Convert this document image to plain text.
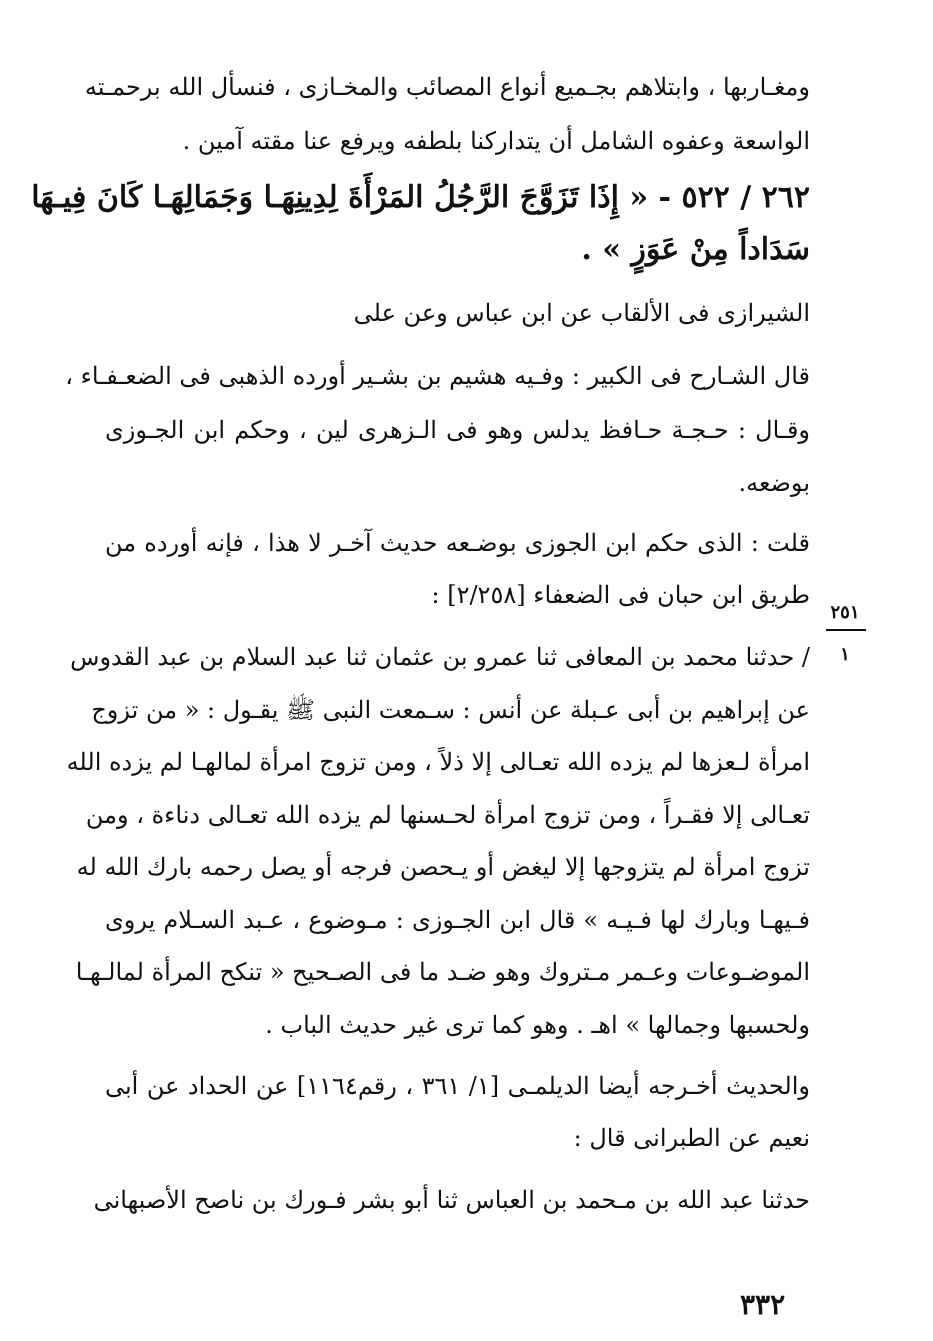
ومغـاربها ، وابتلاهم بجـميع أنواع المصائب والمخـازى ، فنسأل الله برحمـته
الواسعة وعفوه الشامل أن يتداركنا بلطفه ويرفع عنا مقته آمين .
٢٦٢ / ٥٢٢ - « إِذَا تَزَوَّجَ الرَّجُلُ المَرْأَةَ لِدِينِهَـا وَجَمَالِهَـا كَانَ فِيـهَا
سَدَاداً مِنْ عَوَزٍ » .
الشيرازى فى الألقاب عن ابن عباس وعن على
قال الشـارح فى الكبير : وفـيه هشيم بن بشـير أورده الذهبى فى الضعـفـاء ،
وقـال : حـجـة حـافظ يدلس وهو فى الـزهرى لين ، وحكم ابن الجـوزى
بوضعه.
قلت : الذى حكم ابن الجوزى بوضـعه حديث آخـر لا هذا ، فإنه أورده من
طريق ابن حبان فى الضعفاء [٢/٢٥٨] :
/ حدثنا محمد بن المعافى ثنا عمرو بن عثمان ثنا عبد السلام بن عبد القدوس
عن إبراهيم بن أبى عـبلة عن أنس : سـمعت النبى ﷺ يقـول : « من تزوج
امرأة لـعزها لم يزده الله تعـالى إلا ذلاً ، ومن تزوج امرأة لمالهـا لم يزده الله
تعـالى إلا فقـراً ، ومن تزوج امرأة لحـسنها لم يزده الله تعـالى دناءة ، ومن
تزوج امرأة لم يتزوجها إلا ليغض أو يـحصن فرجه أو يصل رحمه بارك الله له
فـيهـا وبارك لها فـيـه » قال ابن الجـوزى : مـوضوع ، عـبد السـلام يروى
الموضـوعات وعـمر مـتروك وهو ضـد ما فى الصـحيح « تنكح المرأة لمالـهـا
ولحسبها وجمالها » اهـ . وهو كما ترى غير حديث الباب .
والحديث أخـرجه أيضا الديلمـى [١/ ٣٦١ ، رقم١١٦٤] عن الحداد عن أبى
نعيم عن الطبرانى قال :
حدثنا عبد الله بن مـحمد بن العباس ثنا أبو بشر فـورك بن ناصح الأصبهانى
٢٥١
١
٣٣٢
